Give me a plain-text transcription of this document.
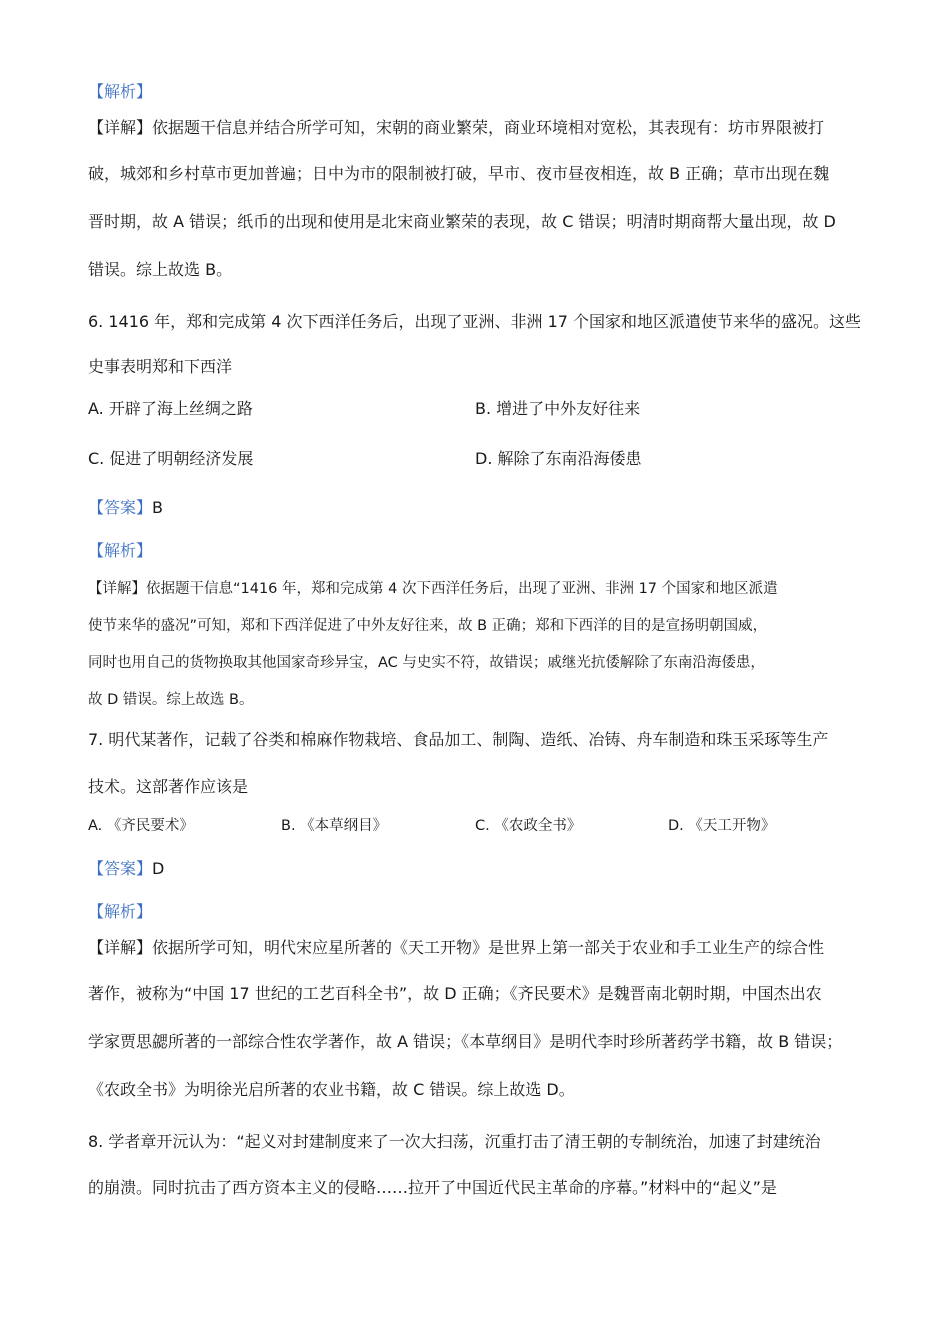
【解析】
【详解】依据题干信息并结合所学可知，宋朝的商业繁荣，商业环境相对宽松，其表现有：坊市界限被打
破，城郊和乡村草市更加普遍；日中为市的限制被打破，早市、夜市昼夜相连，故 B 正确；草市出现在魏
晋时期，故 A 错误；纸币的出现和使用是北宋商业繁荣的表现，故 C 错误；明清时期商帮大量出现，故 D
错误。综上故选 B。
6. 1416 年，郑和完成第 4 次下西洋任务后，出现了亚洲、非洲 17 个国家和地区派遣使节来华的盛况。这些
史事表明郑和下西洋
A. 开辟了海上丝绸之路	B. 增进了中外友好往来
C. 促进了明朝经济发展	D. 解除了东南沿海倭患
【答案】B
【解析】
【详解】依据题干信息“1416 年，郑和完成第 4 次下西洋任务后，出现了亚洲、非洲 17 个国家和地区派遣
使节来华的盛况”可知，郑和下西洋促进了中外友好往来，故 B 正确；郑和下西洋的目的是宣扬明朝国威，
同时也用自己的货物换取其他国家奇珍异宝，AC 与史实不符，故错误；戚继光抗倭解除了东南沿海倭患，
故 D 错误。综上故选 B。
7. 明代某著作，记载了谷类和棉麻作物栽培、食品加工、制陶、造纸、冶铸、舟车制造和珠玉采琢等生产
技术。这部著作应该是
A. 《齐民要术》	B. 《本草纲目》	C. 《农政全书》	D. 《天工开物》
【答案】D
【解析】
【详解】依据所学可知，明代宋应星所著的《天工开物》是世界上第一部关于农业和手工业生产的综合性
著作，被称为“中国 17 世纪的工艺百科全书”，故 D 正确；《齐民要术》是魏晋南北朝时期，中国杰出农
学家贾思勰所著的一部综合性农学著作，故 A 错误；《本草纲目》是明代李时珍所著药学书籍，故 B 错误；
《农政全书》为明徐光启所著的农业书籍，故 C 错误。综上故选 D。
8. 学者章开沅认为：“起义对封建制度来了一次大扫荡，沉重打击了清王朝的专制统治，加速了封建统治
的崩溃。同时抗击了西方资本主义的侵略……拉开了中国近代民主革命的序幕。”材料中的“起义”是
